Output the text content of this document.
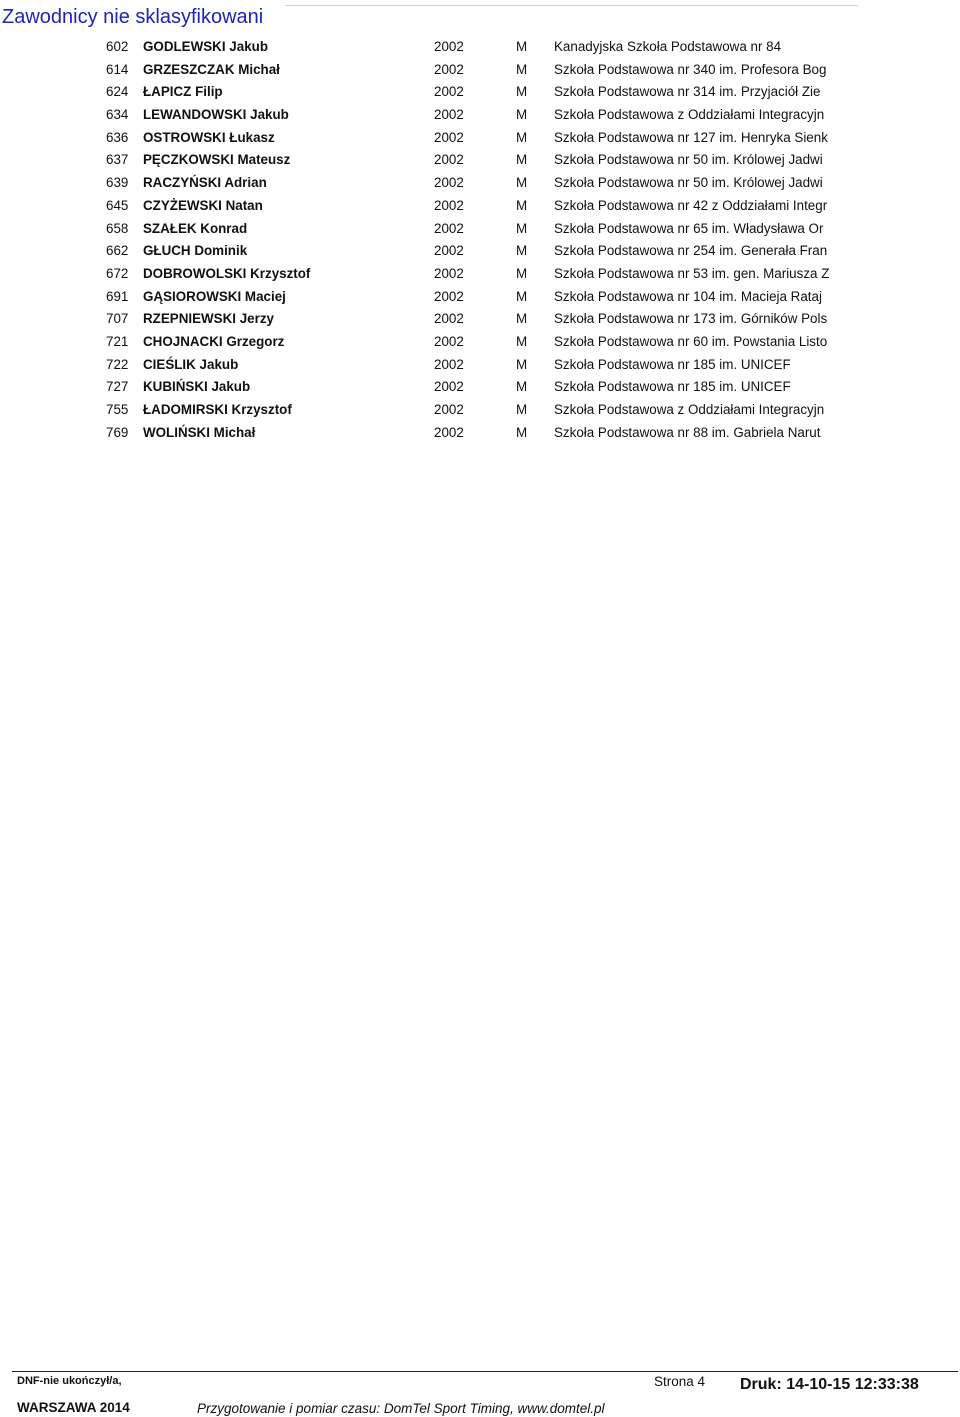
Zawodnicy nie sklasyfikowani
602 GODLEWSKI Jakub	2002	M Kanadyjska Szkoła Podstawowa nr 84
614 GRZESZCZAK Michał	2002	M Szkoła Podstawowa nr 340 im. Profesora Bog
624 ŁAPICZ Filip	2002	M Szkoła Podstawowa nr 314 im. Przyjaciół Zie
634 LEWANDOWSKI Jakub	2002	M Szkoła Podstawowa z Oddziałami Integracyjn
636 OSTROWSKI Łukasz	2002	M Szkoła Podstawowa nr 127 im. Henryka Sienk
637 PĘCZKOWSKI Mateusz	2002	M Szkoła Podstawowa nr 50 im. Królowej Jadwi
639 RACZYŃSKI Adrian	2002	M Szkoła Podstawowa nr 50 im. Królowej Jadwi
645 CZYŻEWSKI Natan	2002	M Szkoła Podstawowa nr 42 z Oddziałami Integr
658 SZAŁEK Konrad	2002	M Szkoła Podstawowa nr 65 im. Władysława Or
662 GŁUCH Dominik	2002	M Szkoła Podstawowa nr 254 im. Generała Fran
672 DOBROWOLSKI Krzysztof	2002	M Szkoła Podstawowa nr 53 im. gen. Mariusza Z
691 GĄSIOROWSKI Maciej	2002	M Szkoła Podstawowa nr 104 im. Macieja Rataj
707 RZEPNIEWSKI Jerzy	2002	M Szkoła Podstawowa nr 173 im. Górników Pols
721 CHOJNACKI Grzegorz	2002	M Szkoła Podstawowa nr 60 im. Powstania Listo
722 CIEŚLIK Jakub	2002	M Szkoła Podstawowa nr 185 im. UNICEF
727 KUBIŃSKI Jakub	2002	M Szkoła Podstawowa nr 185 im. UNICEF
755 ŁADOMIRSKI Krzysztof	2002	M Szkoła Podstawowa z Oddziałami Integracyjn
769 WOLIŃSKI Michał	2002	M Szkoła Podstawowa nr 88 im. Gabriela Narut
DNF-nie ukończył/a,
WARSZAWA 2014
Strona 4 Druk: 14-10-15 12:33:38
Przygotowanie i pomiar czasu: DomTel Sport Timing, www.domtel.pl
